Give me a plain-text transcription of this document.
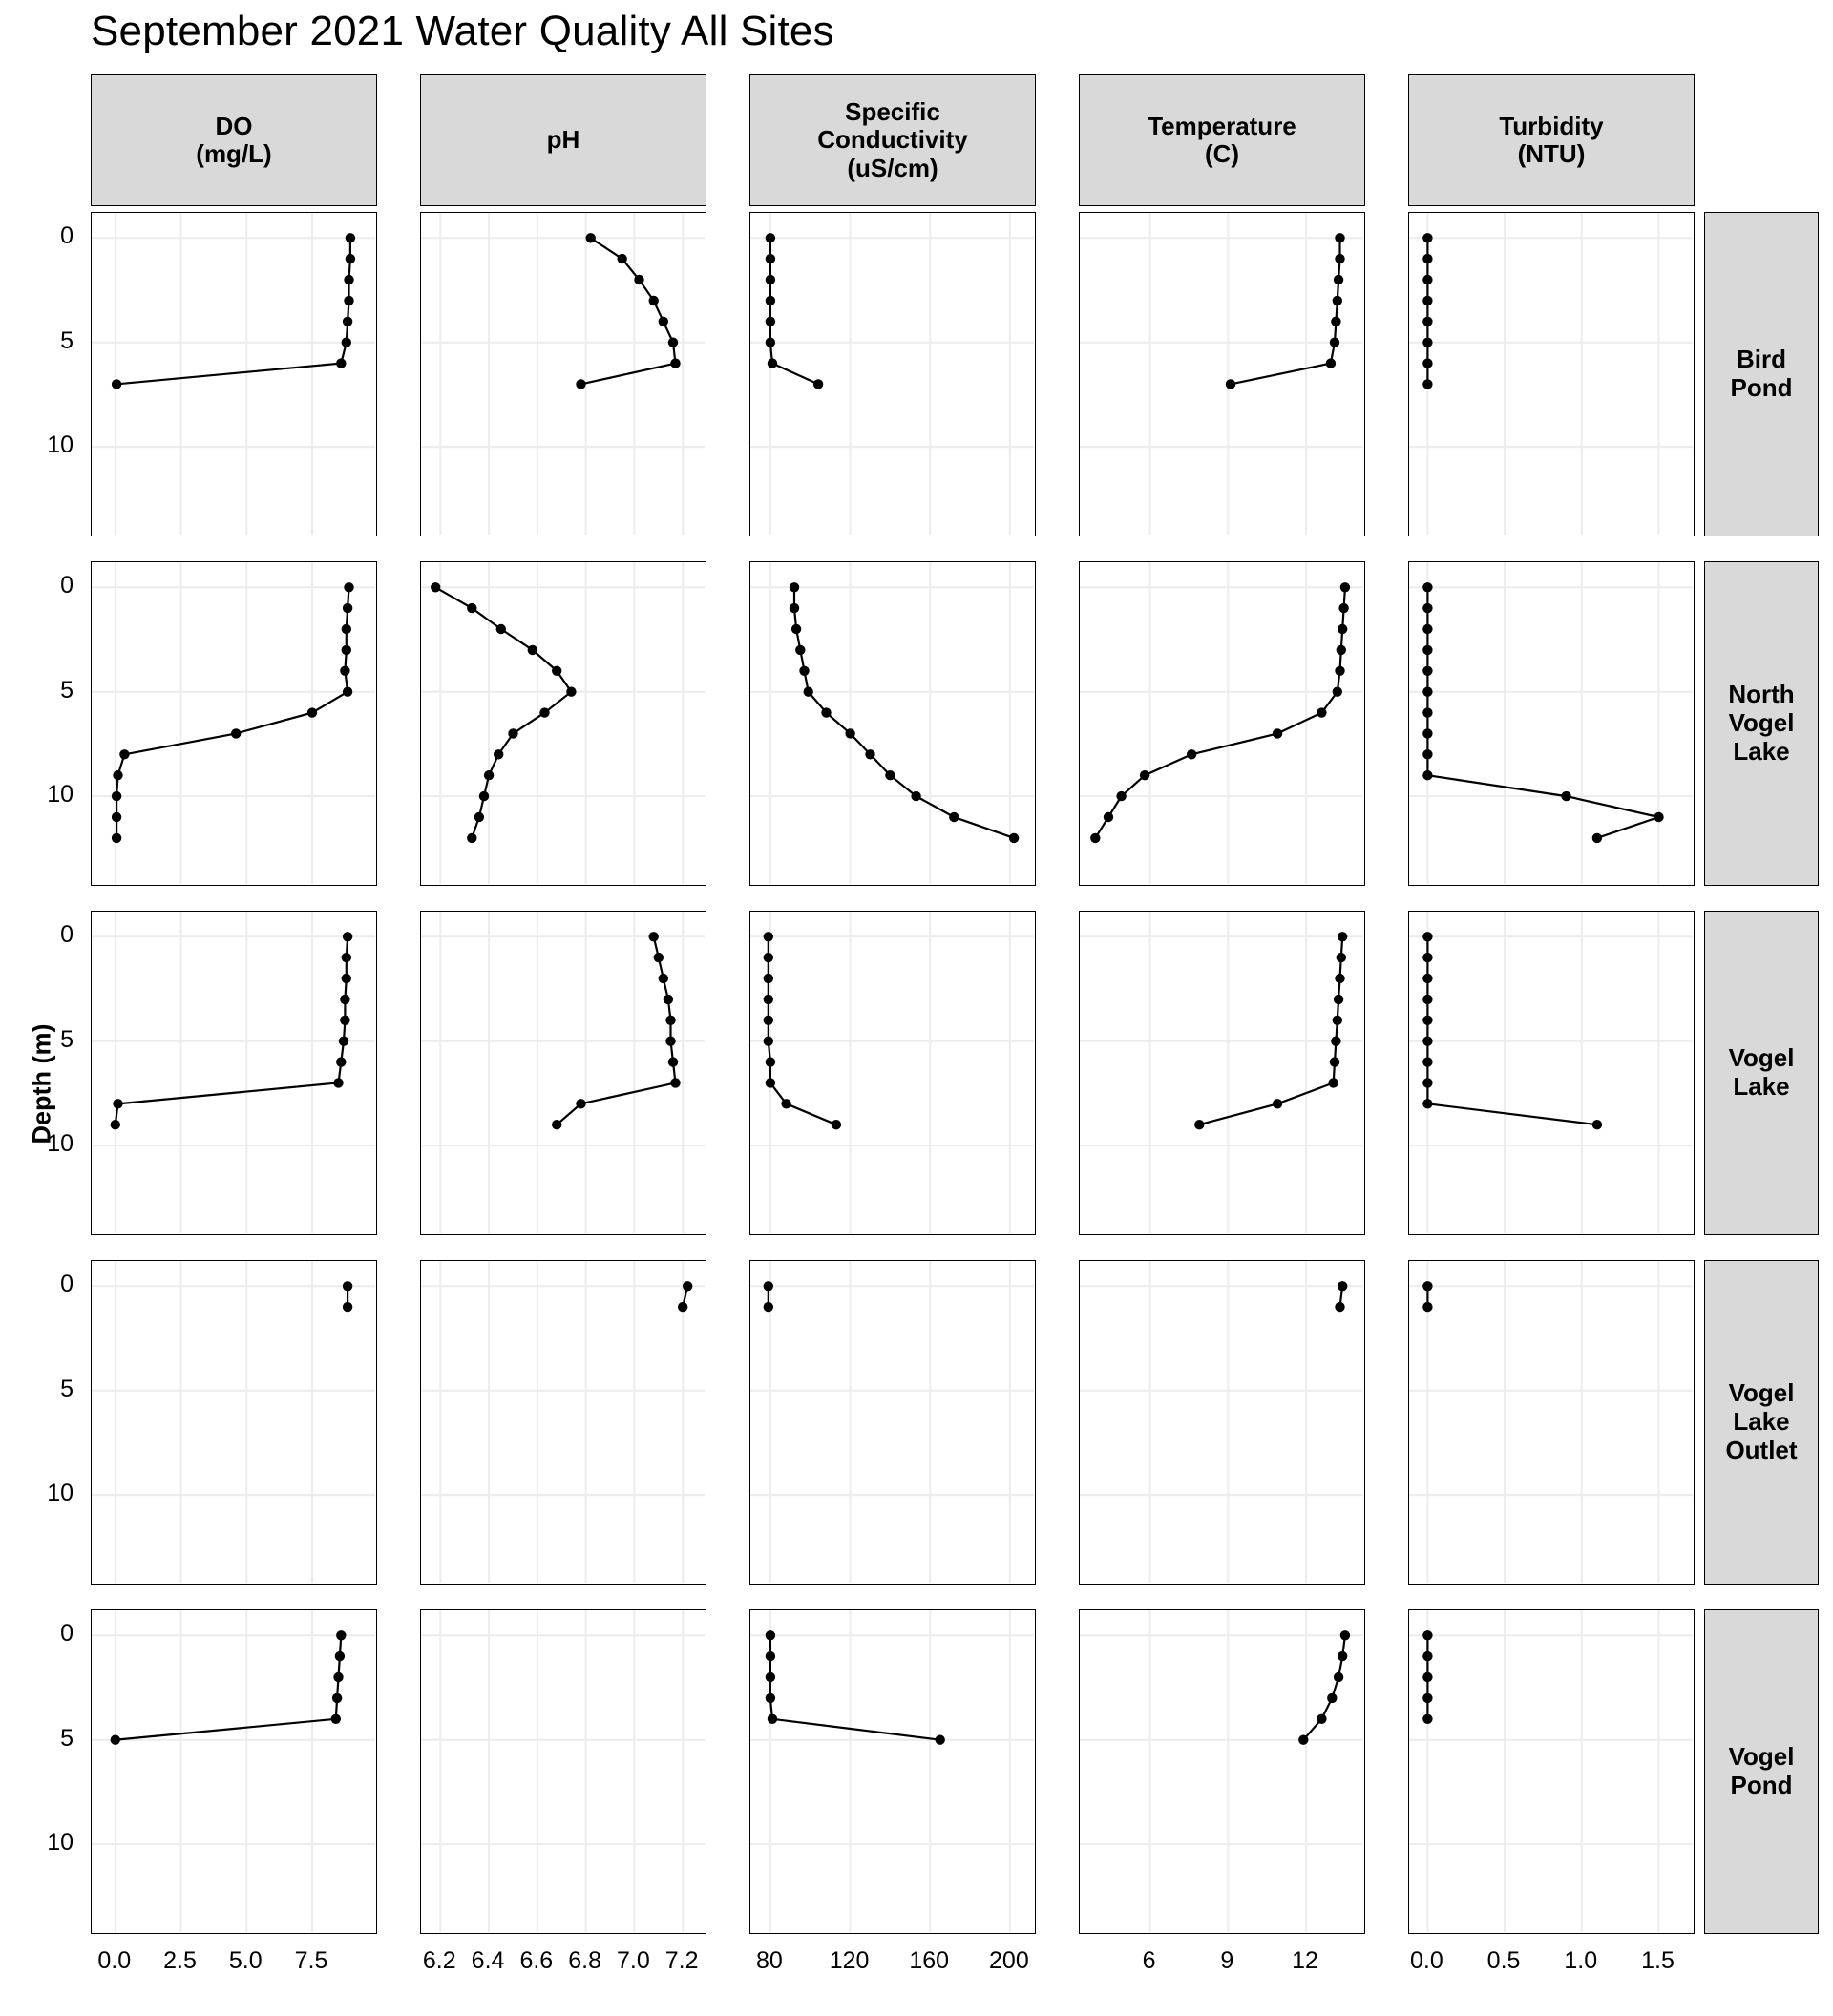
September 2021 Water Quality All Sites
Depth (m)
DO
(mg/L)	pH
Specific
Conductivity
(uS/cm)
Temperature
(C)
Turbidity
(NTU)
Bird
Pond
North
Vogel
Lake
Vogel
Lake
Vogel
Lake
Outlet
Vogel
Pond
0
5
10
0
5
10
0
5
10
0
5
10
0
5
10
0.0	2.5	5.0	7.5	6.2 6.4 6.6 6.8 7.0 7.2	80	120	160	200	6	9	12	0.0	0.5	1.0	1.5
